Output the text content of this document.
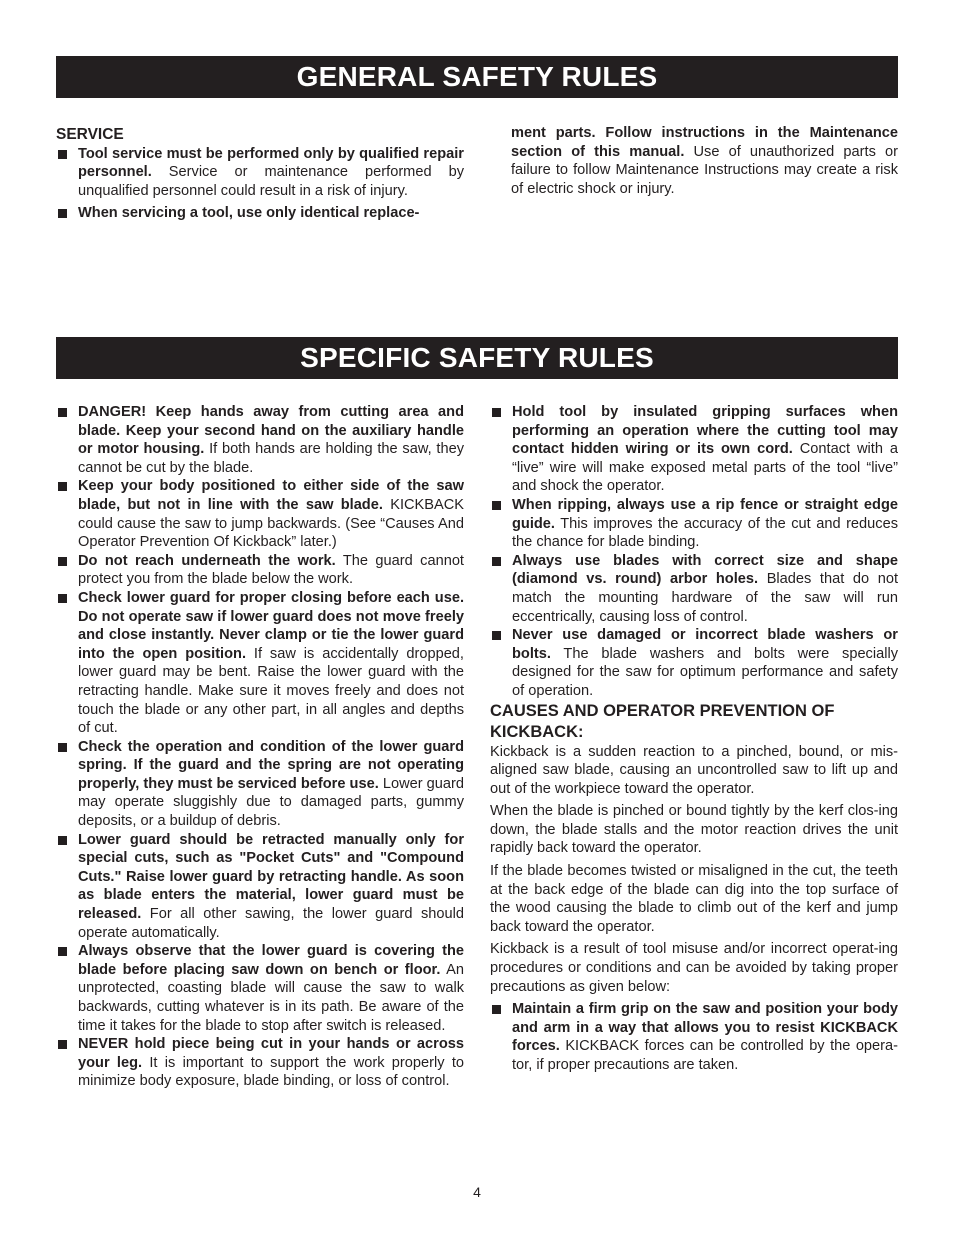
GENERAL SAFETY RULES

SERVICE

Tool service must be performed only by qualified repair personnel. Service or maintenance performed by unqualified personnel could result in a risk of injury.

When servicing a tool, use only identical replace-

ment parts. Follow instructions in the Maintenance section of this manual. Use of unauthorized parts or failure to follow Maintenance Instructions may create a risk of electric shock or injury.

SPECIFIC SAFETY RULES

DANGER! Keep hands away from cutting area and blade. Keep your second hand on the auxiliary handle or motor housing. If both hands are holding the saw, they cannot be cut by the blade.

Keep your body positioned to either side of the saw blade, but not in line with the saw blade. KICKBACK could cause the saw to jump backwards. (See “Causes And Operator Prevention Of Kickback” later.)

Do not reach underneath the work. The guard cannot protect you from the blade below the work.

Check lower guard for proper closing before each use. Do not operate saw if lower guard does not move freely and close instantly. Never clamp or tie the lower guard into the open position. If saw is accidentally dropped, lower guard may be bent. Raise the lower guard with the retracting handle. Make sure it moves freely and does not touch the blade or any other part, in all angles and depths of cut.

Check the operation and condition of the lower guard spring. If the guard and the spring are not operating properly, they must be serviced before use. Lower guard may operate sluggishly due to damaged parts, gummy deposits, or a buildup of debris.

Lower guard should be retracted manually only for special cuts, such as "Pocket Cuts" and "Compound Cuts." Raise lower guard by retracting handle. As soon as blade enters the material, lower guard must be released. For all other sawing, the lower guard should operate automatically.

Always observe that the lower guard is covering the blade before placing saw down on bench or floor. An unprotected, coasting blade will cause the saw to walk backwards, cutting whatever is in its path. Be aware of the time it takes for the blade to stop after switch is released.

NEVER hold piece being cut in your hands or across your leg. It is important to support the work properly to minimize body exposure, blade binding, or loss of control.

Hold tool by insulated gripping surfaces when performing an operation where the cutting tool may contact hidden wiring or its own cord. Contact with a “live” wire will make exposed metal parts of the tool “live” and shock the operator.

When ripping, always use a rip fence or straight edge guide. This improves the accuracy of the cut and reduces the chance for blade binding.

Always use blades with correct size and shape (diamond vs. round) arbor holes. Blades that do not match the mounting hardware of the saw will run eccentrically, causing loss of control.

Never use damaged or incorrect blade washers or bolts. The blade washers and bolts were specially designed for the saw for optimum performance and safety of operation.

CAUSES AND OPERATOR PREVENTION OF KICKBACK:

Kickback is a sudden reaction to a pinched, bound, or mis-aligned saw blade, causing an uncontrolled saw to lift up and out of the workpiece toward the operator.

When the blade is pinched or bound tightly by the kerf clos-ing down, the blade stalls and the motor reaction drives the unit rapidly back toward the operator.

If the blade becomes twisted or misaligned in the cut, the teeth at the back edge of the blade can dig into the top surface of the wood causing the blade to climb out of the kerf and jump back toward the operator.

Kickback is a result of tool misuse and/or incorrect operat-ing procedures or conditions and can be avoided by taking proper precautions as given below:

Maintain a firm grip on the saw and position your body and arm in a way that allows you to resist KICKBACK forces. KICKBACK forces can be controlled by the opera-tor, if proper precautions are taken.

4
